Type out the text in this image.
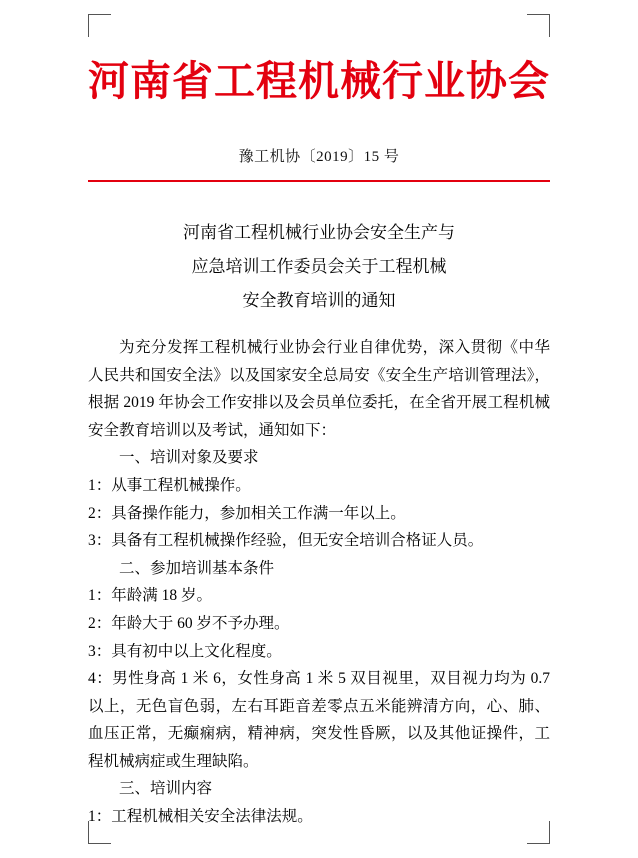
河南省工程机械行业协会
豫工机协〔2019〕15 号
河南省工程机械行业协会安全生产与
应急培训工作委员会关于工程机械
安全教育培训的通知

为充分发挥工程机械行业协会行业自律优势，深入贯彻《中华人民共和国安全法》以及国家安全总局安《安全生产培训管理法》，根据 2019 年协会工作安排以及会员单位委托，在全省开展工程机械安全教育培训以及考试，通知如下：

一、培训对象及要求

1：从事工程机械操作。

2：具备操作能力，参加相关工作满一年以上。

3：具备有工程机械操作经验，但无安全培训合格证人员。

二、参加培训基本条件

1：年龄满 18 岁。

2：年龄大于 60 岁不予办理。

3：具有初中以上文化程度。

4：男性身高 1 米 6，女性身高 1 米 5 双目视里，双目视力均为 0.7 以上，无色盲色弱，左右耳距音差零点五米能辨清方向，心、肺、血压正常，无癫痫病，精神病，突发性昏厥，以及其他证操件，工程机械病症或生理缺陷。

三、培训内容

1：工程机械相关安全法律法规。
